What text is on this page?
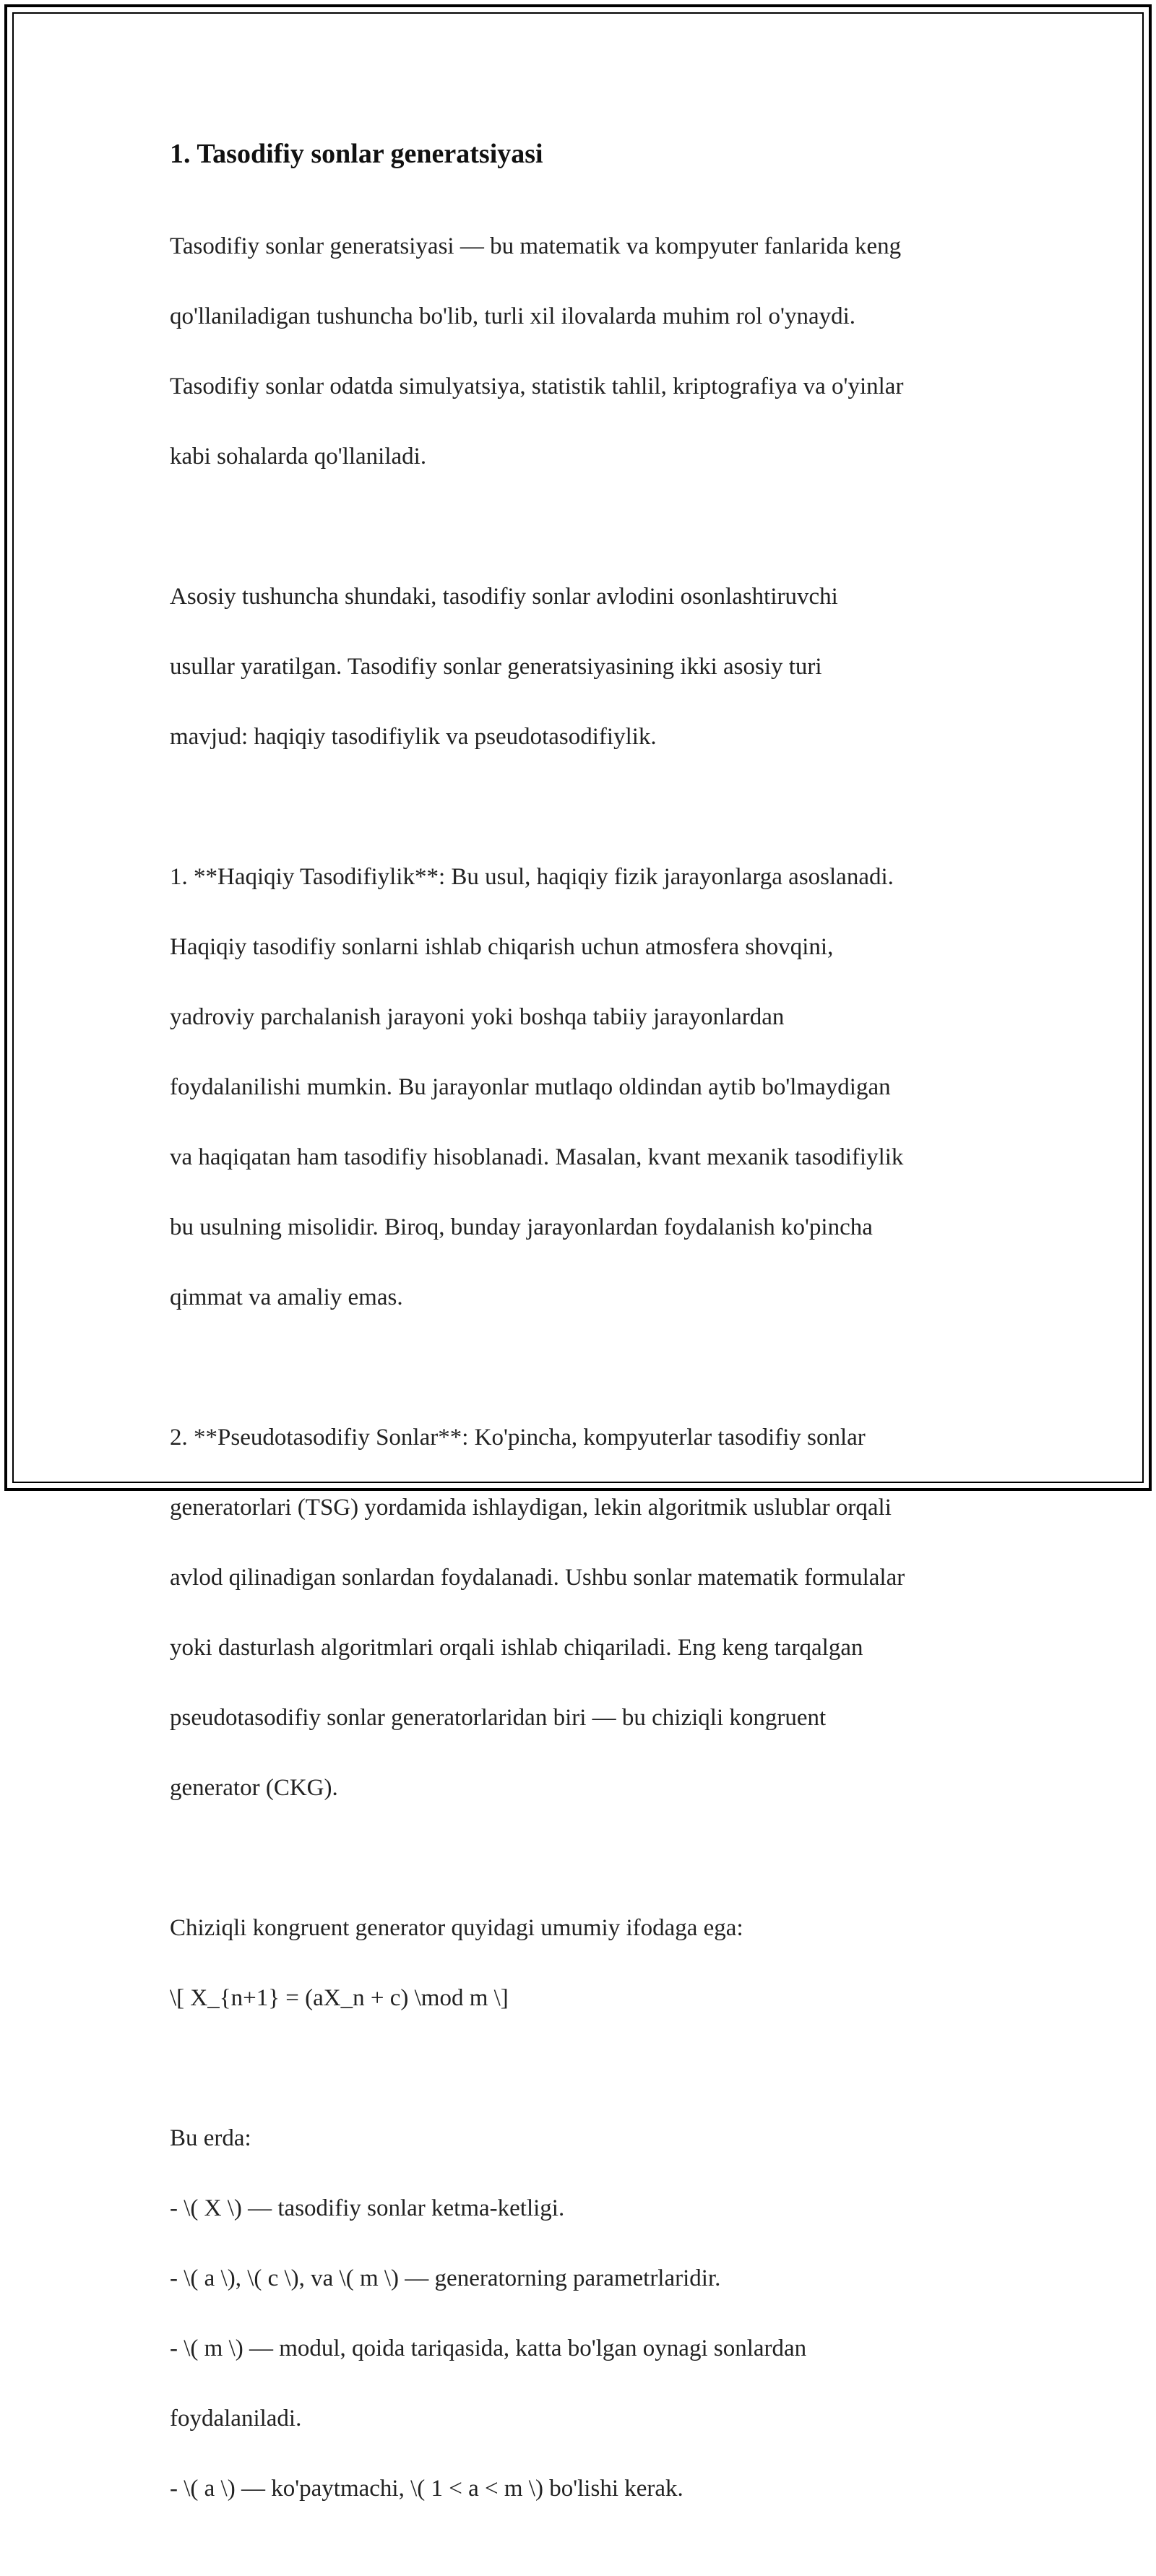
1. Tasodifiy sonlar generatsiyasi

Tasodifiy sonlar generatsiyasi — bu matematik va kompyuter fanlarida keng

qo'llaniladigan tushuncha bo'lib, turli xil ilovalarda muhim rol o'ynaydi.

Tasodifiy sonlar odatda simulyatsiya, statistik tahlil, kriptografiya va o'yinlar

kabi sohalarda qo'llaniladi.

Asosiy tushuncha shundaki, tasodifiy sonlar avlodini osonlashtiruvchi

usullar yaratilgan. Tasodifiy sonlar generatsiyasining ikki asosiy turi

mavjud: haqiqiy tasodifiylik va pseudotasodifiylik.

1. **Haqiqiy Tasodifiylik**: Bu usul, haqiqiy fizik jarayonlarga asoslanadi.

Haqiqiy tasodifiy sonlarni ishlab chiqarish uchun atmosfera shovqini,

yadroviy parchalanish jarayoni yoki boshqa tabiiy jarayonlardan

foydalanilishi mumkin. Bu jarayonlar mutlaqo oldindan aytib bo'lmaydigan

va haqiqatan ham tasodifiy hisoblanadi. Masalan, kvant mexanik tasodifiylik

bu usulning misolidir. Biroq, bunday jarayonlardan foydalanish ko'pincha

qimmat va amaliy emas.

2. **Pseudotasodifiy Sonlar**: Ko'pincha, kompyuterlar tasodifiy sonlar

generatorlari (TSG) yordamida ishlaydigan, lekin algoritmik uslublar orqali

avlod qilinadigan sonlardan foydalanadi. Ushbu sonlar matematik formulalar

yoki dasturlash algoritmlari orqali ishlab chiqariladi. Eng keng tarqalgan

pseudotasodifiy sonlar generatorlaridan biri — bu chiziqli kongruent

generator (CKG).

Chiziqli kongruent generator quyidagi umumiy ifodaga ega:

\[ X_{n+1} = (aX_n + c) \mod m \]

Bu erda:

- \( X \) — tasodifiy sonlar ketma-ketligi.

- \( a \), \( c \), va \( m \) — generatorning parametrlaridir.

- \( m \) — modul, qoida tariqasida, katta bo'lgan oynagi sonlardan

foydalaniladi.

- \( a \) — ko'paytmachi, \( 1 < a < m \) bo'lishi kerak.
